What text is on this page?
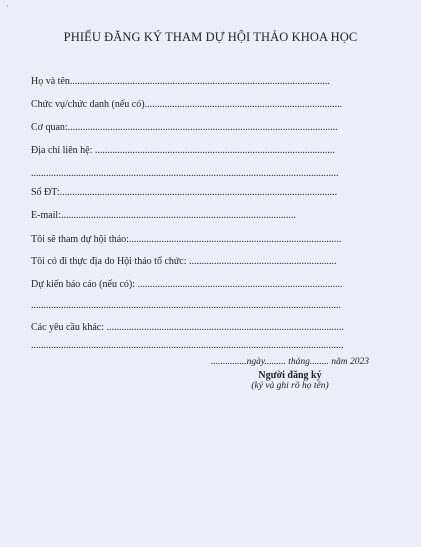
·
PHIẾU ĐĂNG KÝ THAM DỰ HỘI THẢO KHOA HỌC
Họ và tên........................................................................................................
Chức vụ/chức danh (nếu có)...............................................................................
Cơ quan:............................................................................................................
Địa chỉ liên hệ: ................................................................................................
...........................................................................................................................
Số ĐT:...............................................................................................................
E-mail:..............................................................................................
Tôi sẽ tham dự hội thảo:.....................................................................................
Tôi có đi thực địa do Hội thảo tổ chức: ...........................................................
Dự kiến báo cáo (nếu có): ..................................................................................
............................................................................................................................
Các yêu cầu khác: ...............................................................................................
.............................................................................................................................
...............ngày......... tháng........ năm 2023
Người đăng ký
(ký và ghi rõ họ tên)
